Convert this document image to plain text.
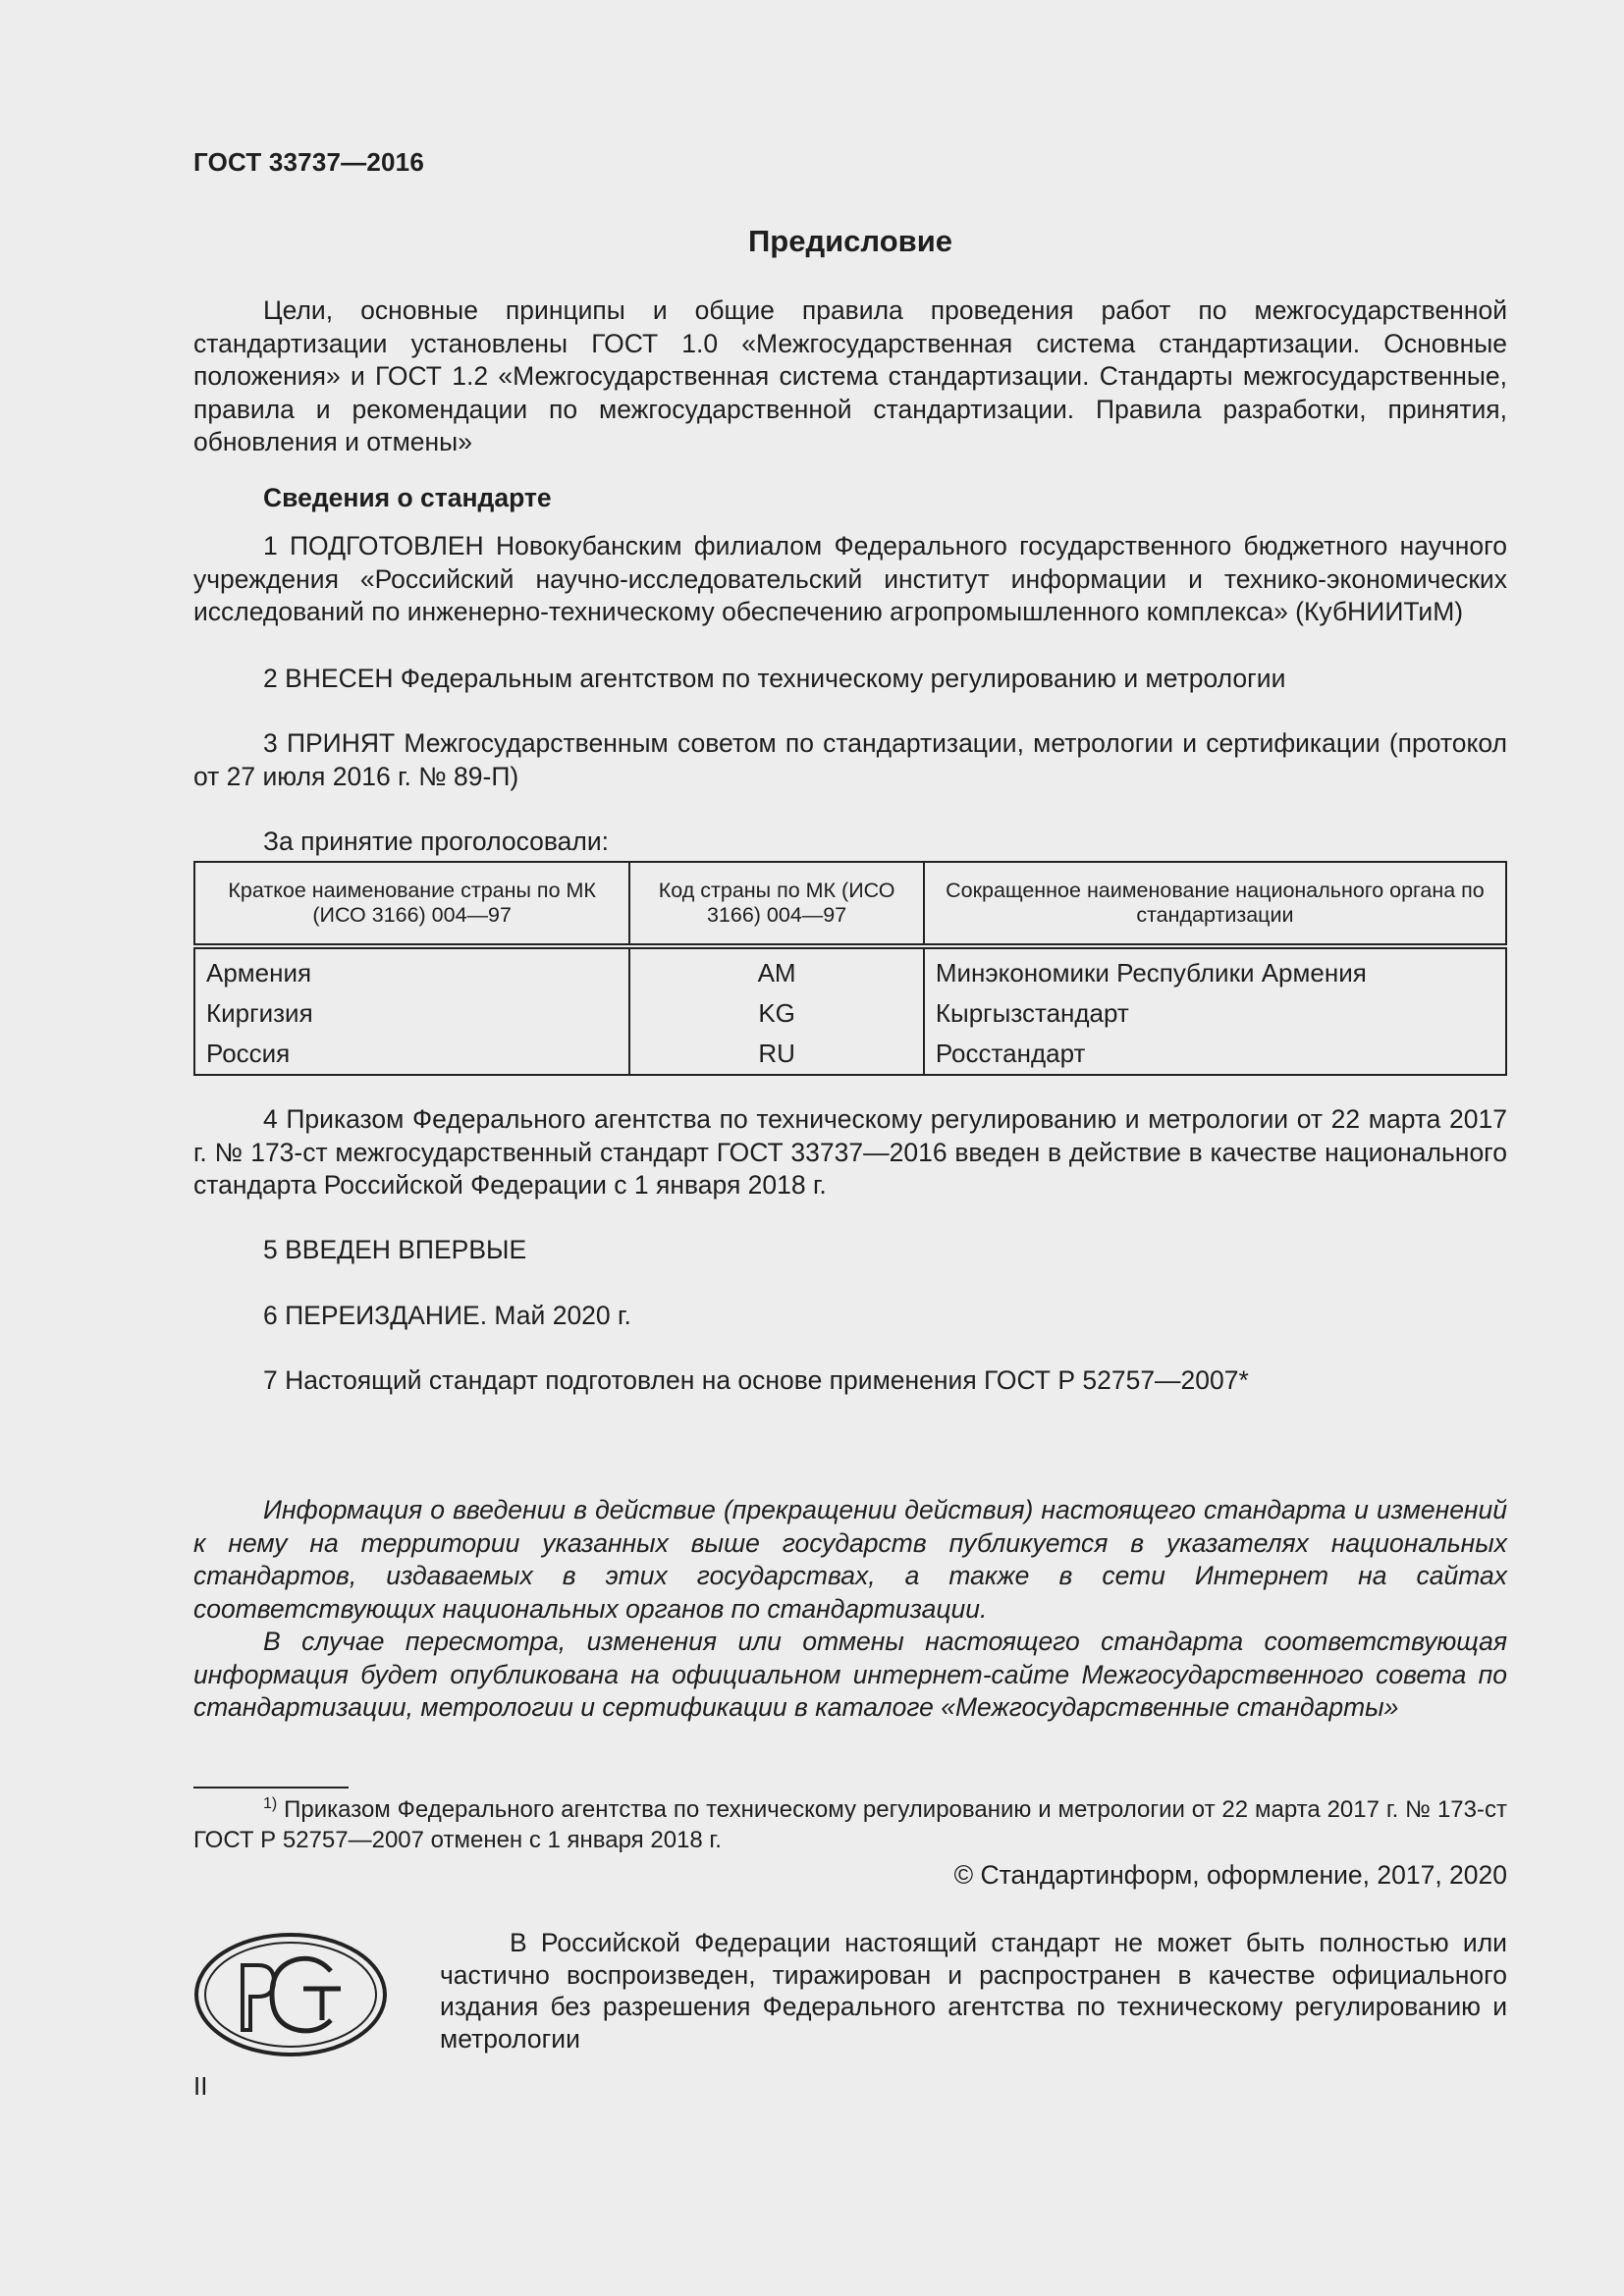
ГОСТ 33737—2016
Предисловие

Цели, основные принципы и общие правила проведения работ по межгосударственной стандартизации установлены ГОСТ 1.0 «Межгосударственная система стандартизации. Основные положения» и ГОСТ 1.2 «Межгосударственная система стандартизации. Стандарты межгосударственные, правила и рекомендации по межгосударственной стандартизации. Правила разработки, принятия, обновления и отмены»

Сведения о стандарте

1 ПОДГОТОВЛЕН Новокубанским филиалом Федерального государственного бюджетного научного учреждения «Российский научно-исследовательский институт информации и технико-экономических исследований по инженерно-техническому обеспечению агропромышленного комплекса» (КубНИИТиМ)

2 ВНЕСЕН Федеральным агентством по техническому регулированию и метрологии

3 ПРИНЯТ Межгосударственным советом по стандартизации, метрологии и сертификации (протокол от 27 июля 2016 г. № 89-П)

За принятие проголосовали:

Краткое наименование страны по МК (ИСО 3166) 004—97	Код страны по МК (ИСО 3166) 004—97	Сокращенное наименование национального органа по стандартизации
Армения	AM	Минэкономики Республики Армения
Киргизия	KG	Кыргызстандарт
Россия	RU	Росстандарт

4 Приказом Федерального агентства по техническому регулированию и метрологии от 22 марта 2017 г. № 173-ст межгосударственный стандарт ГОСТ 33737—2016 введен в действие в качестве национального стандарта Российской Федерации с 1 января 2018 г.

5 ВВЕДЕН ВПЕРВЫЕ

6 ПЕРЕИЗДАНИЕ. Май 2020 г.

7 Настоящий стандарт подготовлен на основе применения ГОСТ Р 52757—2007*

Информация о введении в действие (прекращении действия) настоящего стандарта и изменений к нему на территории указанных выше государств публикуется в указателях национальных стандартов, издаваемых в этих государствах, а также в сети Интернет на сайтах соответствующих национальных органов по стандартизации.

В случае пересмотра, изменения или отмены настоящего стандарта соответствующая информация будет опубликована на официальном интернет-сайте Межгосударственного совета по стандартизации, метрологии и сертификации в каталоге «Межгосударственные стандарты»

$^{1)}$ Приказом Федерального агентства по техническому регулированию и метрологии от 22 марта 2017 г. № 173-ст ГОСТ Р 52757—2007 отменен с 1 января 2018 г.
© Стандартинформ, оформление, 2017, 2020
В Российской Федерации настоящий стандарт не может быть полностью или частично воспроизведен, тиражирован и распространен в качестве официального издания без разрешения Федерального агентства по техническому регулированию и метрологии
II
